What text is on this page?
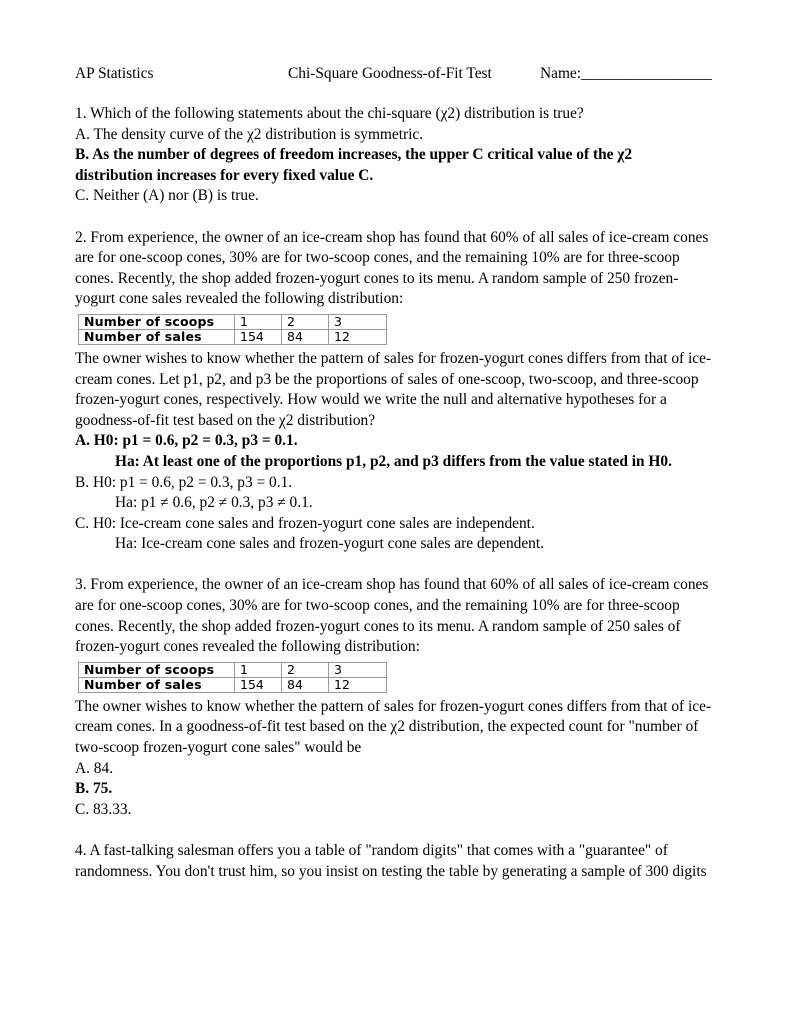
AP Statistics	Chi-Square Goodness-of-Fit Test	Name:_________________

1. Which of the following statements about the chi-square (χ2) distribution is true?

A. The density curve of the χ2 distribution is symmetric.

B. As the number of degrees of freedom increases, the upper C critical value of the χ2

distribution increases for every fixed value C.

C. Neither (A) nor (B) is true.

2. From experience, the owner of an ice-cream shop has found that 60% of all sales of ice-cream cones

are for one-scoop cones, 30% are for two-scoop cones, and the remaining 10% are for three-scoop

cones. Recently, the shop added frozen-yogurt cones to its menu. A random sample of 250 frozen-

yogurt cone sales revealed the following distribution:

Number of scoops	1	2	3
Number of sales	154	84	12

The owner wishes to know whether the pattern of sales for frozen-yogurt cones differs from that of ice-

cream cones. Let p1, p2, and p3 be the proportions of sales of one-scoop, two-scoop, and three-scoop

frozen-yogurt cones, respectively. How would we write the null and alternative hypotheses for a

goodness-of-fit test based on the χ2 distribution?

A. H0: p1 = 0.6, p2 = 0.3, p3 = 0.1.

Ha: At least one of the proportions p1, p2, and p3 differs from the value stated in H0.

B. H0: p1 = 0.6, p2 = 0.3, p3 = 0.1.

Ha: p1 ≠ 0.6, p2 ≠ 0.3, p3 ≠ 0.1.

C. H0: Ice-cream cone sales and frozen-yogurt cone sales are independent.

Ha: Ice-cream cone sales and frozen-yogurt cone sales are dependent.

3. From experience, the owner of an ice-cream shop has found that 60% of all sales of ice-cream cones

are for one-scoop cones, 30% are for two-scoop cones, and the remaining 10% are for three-scoop

cones. Recently, the shop added frozen-yogurt cones to its menu. A random sample of 250 sales of

frozen-yogurt cones revealed the following distribution:

Number of scoops	1	2	3
Number of sales	154	84	12

The owner wishes to know whether the pattern of sales for frozen-yogurt cones differs from that of ice-

cream cones. In a goodness-of-fit test based on the χ2 distribution, the expected count for "number of

two-scoop frozen-yogurt cone sales" would be

A. 84.

B. 75.

C. 83.33.

4. A fast-talking salesman offers you a table of "random digits" that comes with a "guarantee" of

randomness. You don't trust him, so you insist on testing the table by generating a sample of 300 digits
